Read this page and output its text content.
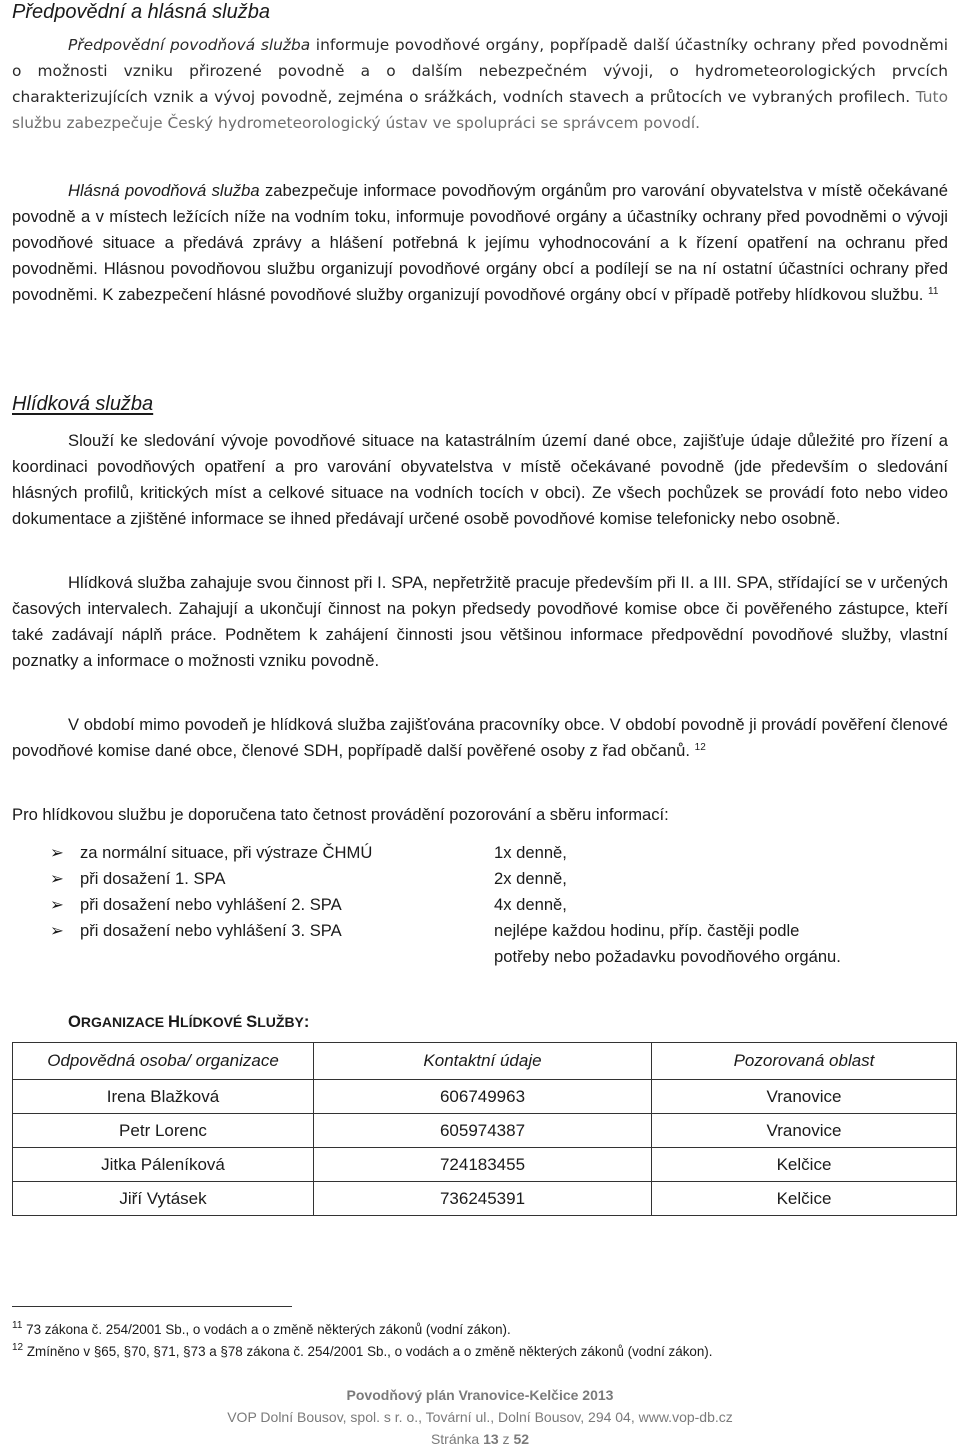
Předpovědní a hlásná služba
Předpovědní povodňová služba informuje povodňové orgány, popřípadě další účastníky ochrany před povodněmi o možnosti vzniku přirozené povodně a o dalším nebezpečném vývoji, o hydrometeorologických prvcích charakterizujících vznik a vývoj povodně, zejména o srážkách, vodních stavech a průtocích ve vybraných profilech. Tuto službu zabezpečuje Český hydrometeorologický ústav ve spolupráci se správcem povodí.
Hlásná povodňová služba zabezpečuje informace povodňovým orgánům pro varování obyvatelstva v místě očekávané povodně a v místech ležících níže na vodním toku, informuje povodňové orgány a účastníky ochrany před povodněmi o vývoji povodňové situace a předává zprávy a hlášení potřebná k jejímu vyhodnocování a k řízení opatření na ochranu před povodněmi. Hlásnou povodňovou službu organizují povodňové orgány obcí a podílejí se na ní ostatní účastníci ochrany před povodněmi. K zabezpečení hlásné povodňové služby organizují povodňové orgány obcí v případě potřeby hlídkovou službu. $^{11}$
Hlídková služba
Slouží ke sledování vývoje povodňové situace na katastrálním území dané obce, zajišťuje údaje důležité pro řízení a koordinaci povodňových opatření a pro varování obyvatelstva v místě očekávané povodně (jde především o sledování hlásných profilů, kritických míst a celkové situace na vodních tocích v obci). Ze všech pochůzek se provádí foto nebo video dokumentace a zjištěné informace se ihned předávají určené osobě povodňové komise telefonicky nebo osobně.
Hlídková služba zahajuje svou činnost při I. SPA, nepřetržitě pracuje především při II. a III. SPA, střídající se v určených časových intervalech. Zahajují a ukončují činnost na pokyn předsedy povodňové komise obce či pověřeného zástupce, kteří také zadávají náplň práce. Podnětem k zahájení činnosti jsou většinou informace předpovědní povodňové služby, vlastní poznatky a informace o možnosti vzniku povodně.
V období mimo povodeň je hlídková služba zajišťována pracovníky obce. V období povodně ji provádí pověření členové povodňové komise dané obce, členové SDH, popřípadě další pověřené osoby z řad občanů. $^{12}$
Pro hlídkovou službu je doporučena tato četnost provádění pozorování a sběru informací:
➢ za normální situace, při výstraze ČHMÚ	1x denně,
➢ při dosažení 1. SPA	2x denně,
➢ při dosažení nebo vyhlášení 2. SPA	4x denně,
➢ při dosažení nebo vyhlášení 3. SPA	nejlépe každou hodinu, příp. častěji podle
potřeby nebo požadavku povodňového orgánu.
ORGANIZACE HLÍDKOVÉ SLUŽBY:
Odpovědná osoba/ organizace	Kontaktní údaje	Pozorovaná oblast
Irena Blažková	606749963	Vranovice
Petr Lorenc	605974387	Vranovice
Jitka Páleníková	724183455	Kelčice
Jiří Vytásek	736245391	Kelčice
$^{11}$ 73 zákona č. 254/2001 Sb., o vodách a o změně některých zákonů (vodní zákon).
$^{12}$ Zmíněno v §65, §70, §71, §73 a §78 zákona č. 254/2001 Sb., o vodách a o změně některých zákonů (vodní zákon).
Povodňový plán Vranovice-Kelčice 2013
VOP Dolní Bousov, spol. s r. o., Tovární ul., Dolní Bousov, 294 04, www.vop-db.cz
Stránka 13 z 52
